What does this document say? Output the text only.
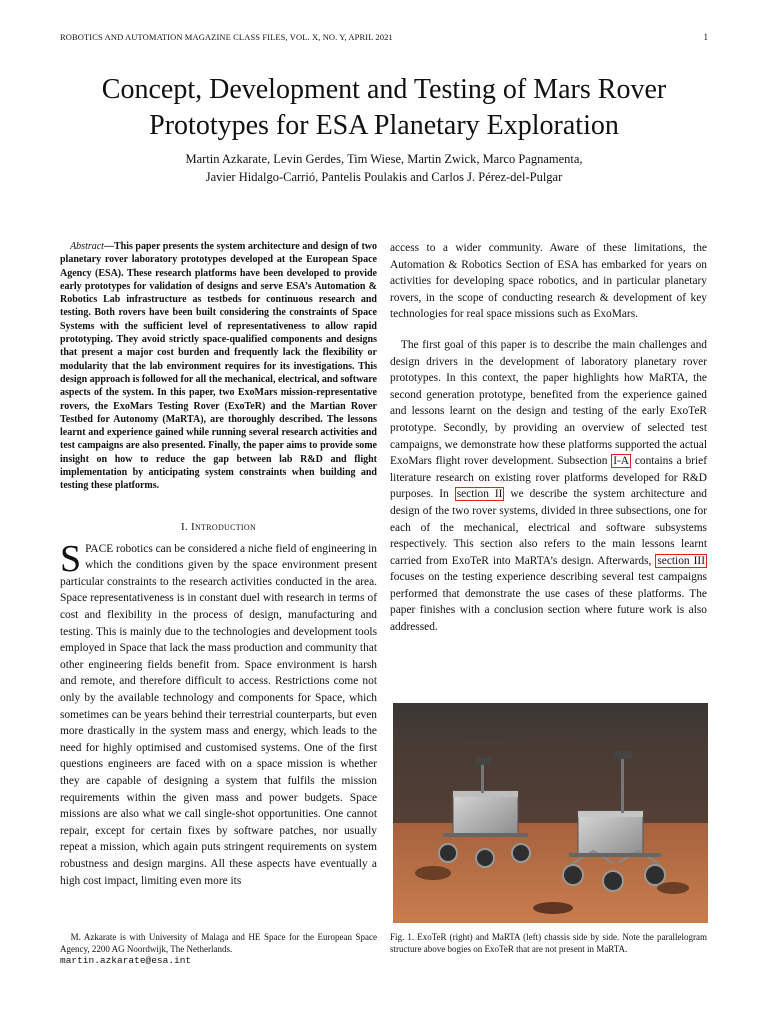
ROBOTICS AND AUTOMATION MAGAZINE CLASS FILES, VOL. X, NO. Y, APRIL 2021	1
Concept, Development and Testing of Mars Rover
Prototypes for ESA Planetary Exploration
Martin Azkarate, Levin Gerdes, Tim Wiese, Martin Zwick, Marco Pagnamenta,
Javier Hidalgo-Carrió, Pantelis Poulakis and Carlos J. Pérez-del-Pulgar

Abstract—This paper presents the system architecture and design of two planetary rover laboratory prototypes developed at the European Space Agency (ESA). These research platforms have been developed to provide early prototypes for validation of designs and serve ESA’s Automation & Robotics Lab infrastructure as testbeds for continuous research and testing. Both rovers have been built considering the constraints of Space Systems with the sufficient level of representativeness to allow rapid prototyping. They avoid strictly space-qualified components and designs that present a major cost burden and frequently lack the flexibility or modularity that the lab environment requires for its investigations. This design approach is followed for all the mechanical, electrical, and software aspects of the system. In this paper, two ExoMars mission-representative rovers, the ExoMars Testing Rover (ExoTeR) and the Martian Rover Testbed for Autonomy (MaRTA), are thoroughly described. The lessons learnt and experience gained while running several research activities and test campaigns are also presented. Finally, the paper aims to provide some insight on how to reduce the gap between lab R&D and flight implementation by anticipating system constraints when building and testing these platforms.

I. Introduction

SPACE robotics can be considered a niche field of engineering in which the conditions given by the space environment present particular constraints to the research activities conducted in the area. Space representativeness is in constant duel with research in terms of cost and flexibility in the process of design, manufacturing and testing. This is mainly due to the technologies and development tools employed in Space that lack the mass production and community that other engineering fields benefit from. Space environment is harsh and remote, and therefore difficult to access. Restrictions come not only by the available technology and components for Space, which sometimes can be years behind their terrestrial counterparts, but even more drastically in the system mass and energy, which leads to the need for highly optimised and customised systems. One of the first questions engineers are faced with on a space mission is whether they are capable of designing a system that fulfils the mission requirements within the given mass and power budgets. Space missions are also what we call single-shot opportunities. One cannot repair, except for certain fixes by software patches, nor usually repeat a mission, which again puts stringent requirements on system robustness and design margins. All these aspects have eventually a high cost impact, limiting even more its

access to a wider community. Aware of these limitations, the Automation & Robotics Section of ESA has embarked for years on activities for developing space robotics, and in particular planetary rovers, in the scope of conducting research & development of key technologies for real space missions such as ExoMars.

The first goal of this paper is to describe the main challenges and design drivers in the development of laboratory planetary rover prototypes. In this context, the paper highlights how MaRTA, the second generation prototype, benefited from the experience gained and lessons learnt on the design and testing of the early ExoTeR prototype. Secondly, by providing an overview of selected test campaigns, we demonstrate how these platforms supported the actual ExoMars flight rover development. Subsection I-A contains a brief literature research on existing rover platforms developed for R&D purposes. In section II we describe the system architecture and design of the two rover systems, divided in three subsections, one for each of the mechanical, electrical and software subsystems respectively. This section also refers to the main lessons learnt carried from ExoTeR into MaRTA’s design. Afterwards, section III focuses on the testing experience describing several test campaigns performed that demonstrate the use cases of these platforms. The paper finishes with a conclusion section where future work is also addressed.

Fig. 1. ExoTeR (right) and MaRTA (left) chassis side by side. Note the parallelogram structure above bogies on ExoTeR that are not present in MaRTA.
M. Azkarate is with University of Malaga and HE Space for the European Space Agency, 2200 AG Noordwijk, The Netherlands.
martin.azkarate@esa.int
